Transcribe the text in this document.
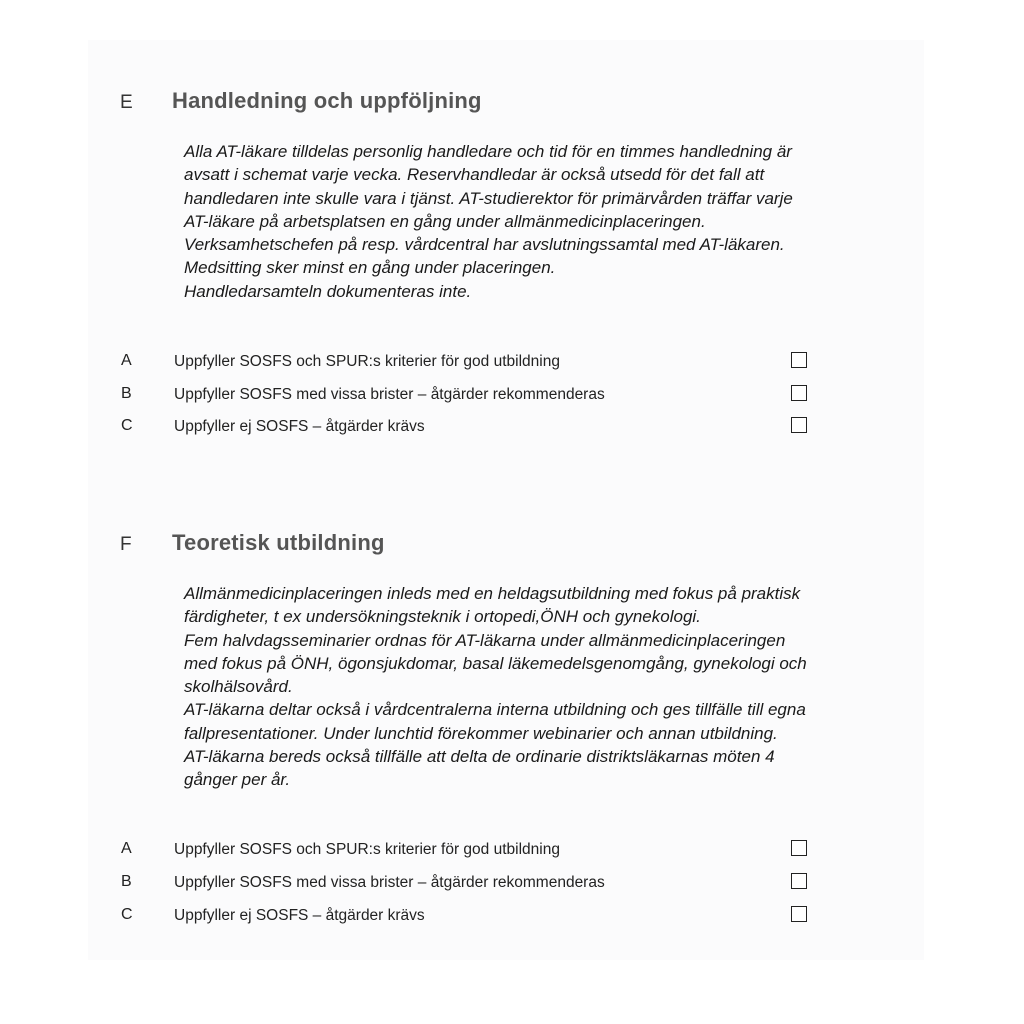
E Handledning och uppföljning
Alla AT-läkare tilldelas personlig handledare och tid för en timmes handledning är
avsatt i schemat varje vecka. Reservhandledar är också utsedd för det fall att
handledaren inte skulle vara i tjänst. AT-studierektor för primärvården träffar varje
AT-läkare på arbetsplatsen en gång under allmänmedicinplaceringen.
Verksamhetschefen på resp. vårdcentral har avslutningssamtal med AT-läkaren.
Medsitting sker minst en gång under placeringen.
Handledarsamteln dokumenteras inte.
A	Uppfyller SOSFS och SPUR:s kriterier för god utbildning
B	Uppfyller SOSFS med vissa brister – åtgärder rekommenderas
C	Uppfyller ej SOSFS – åtgärder krävs
F Teoretisk utbildning
Allmänmedicinplaceringen inleds med en heldagsutbildning med fokus på praktisk
färdigheter, t ex undersökningsteknik i ortopedi,ÖNH och gynekologi.
Fem halvdagsseminarier ordnas för AT-läkarna under allmänmedicinplaceringen
med fokus på ÖNH, ögonsjukdomar, basal läkemedelsgenomgång, gynekologi och
skolhälsovård.
AT-läkarna deltar också i vårdcentralerna interna utbildning och ges tillfälle till egna
fallpresentationer. Under lunchtid förekommer webinarier och annan utbildning.
AT-läkarna bereds också tillfälle att delta de ordinarie distriktsläkarnas möten 4
gånger per år.
A	Uppfyller SOSFS och SPUR:s kriterier för god utbildning
B	Uppfyller SOSFS med vissa brister – åtgärder rekommenderas
C	Uppfyller ej SOSFS – åtgärder krävs
